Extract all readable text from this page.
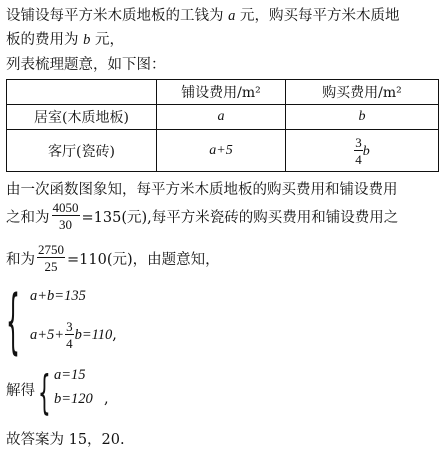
设铺设每平方米木质地板的工钱为 a 元，购买每平方米木质地
板的费用为 b 元，
列表梳理题意，如下图：
	铺设费用/m²	购买费用/m²
居室(木质地板)	a	b
客厅(瓷砖)	a+5	$\frac{3}{4}$ b
由一次函数图象知，每平方米木质地板的购买费用和铺设费用
之和为 $\frac{4050}{30} =135$(元),每平方米瓷砖的购买费用和铺设费用之
和为 $\frac{2750}{25} =110$(元)，由题意知，
{ a+b=135
$a+5+ \frac{3}{4} b=110$ ,
解得 { a=15
b=120 ,
故答案为 15，20.
